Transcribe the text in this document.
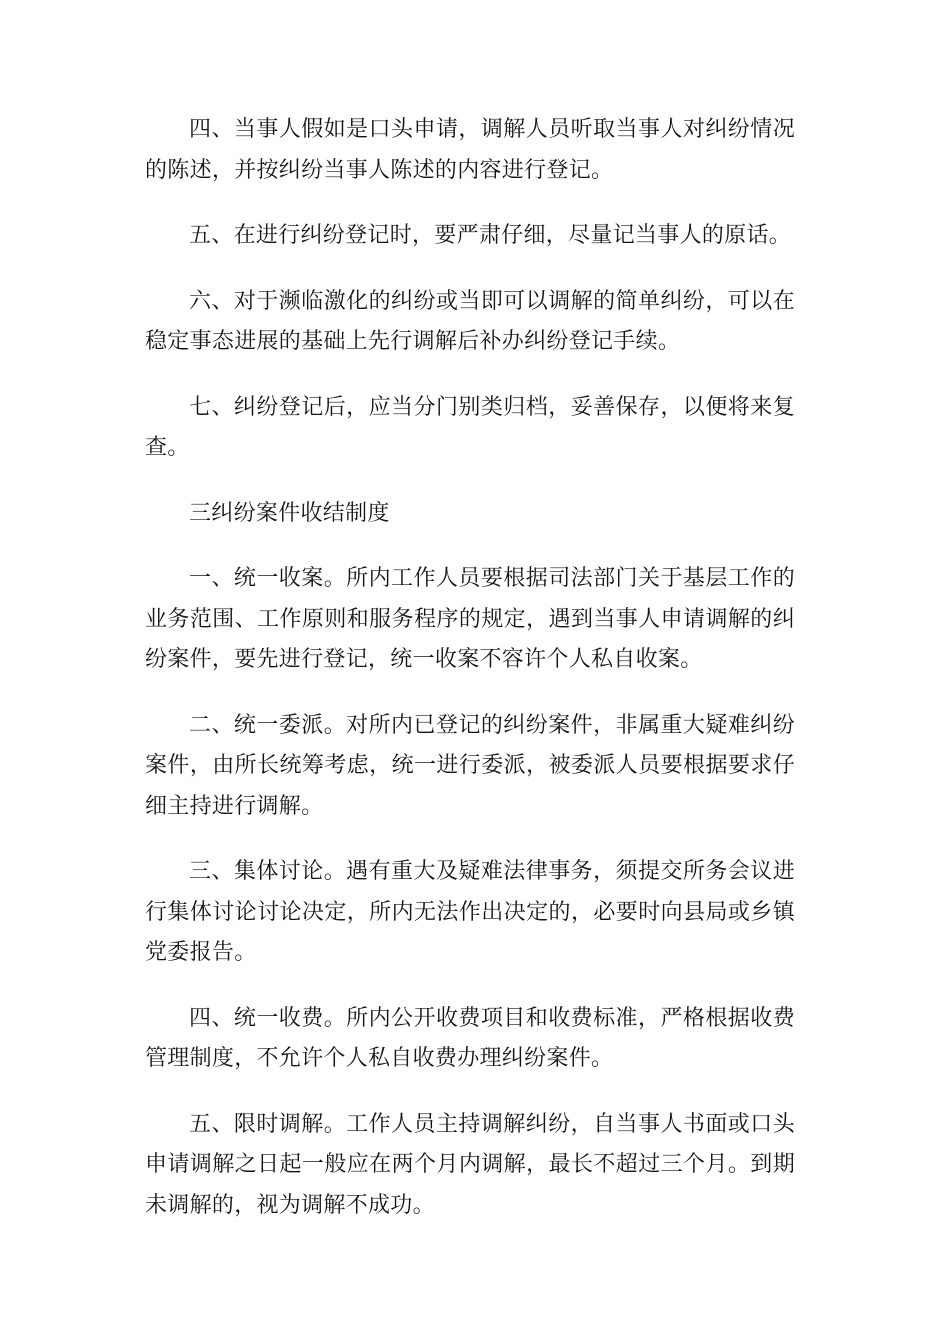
四、当事人假如是口头申请，调解人员听取当事人对纠纷情况的陈述，并按纠纷当事人陈述的内容进行登记。

五、在进行纠纷登记时，要严肃仔细，尽量记当事人的原话。

六、对于濒临激化的纠纷或当即可以调解的简单纠纷，可以在稳定事态进展的基础上先行调解后补办纠纷登记手续。

七、纠纷登记后，应当分门别类归档，妥善保存，以便将来复查。

三纠纷案件收结制度

一、统一收案。所内工作人员要根据司法部门关于基层工作的业务范围、工作原则和服务程序的规定，遇到当事人申请调解的纠纷案件，要先进行登记，统一收案不容许个人私自收案。

二、统一委派。对所内已登记的纠纷案件，非属重大疑难纠纷案件，由所长统筹考虑，统一进行委派，被委派人员要根据要求仔细主持进行调解。

三、集体讨论。遇有重大及疑难法律事务，须提交所务会议进行集体讨论讨论决定，所内无法作出决定的，必要时向县局或乡镇党委报告。

四、统一收费。所内公开收费项目和收费标准，严格根据收费管理制度，不允许个人私自收费办理纠纷案件。

五、限时调解。工作人员主持调解纠纷，自当事人书面或口头申请调解之日起一般应在两个月内调解，最长不超过三个月。到期未调解的，视为调解不成功。
